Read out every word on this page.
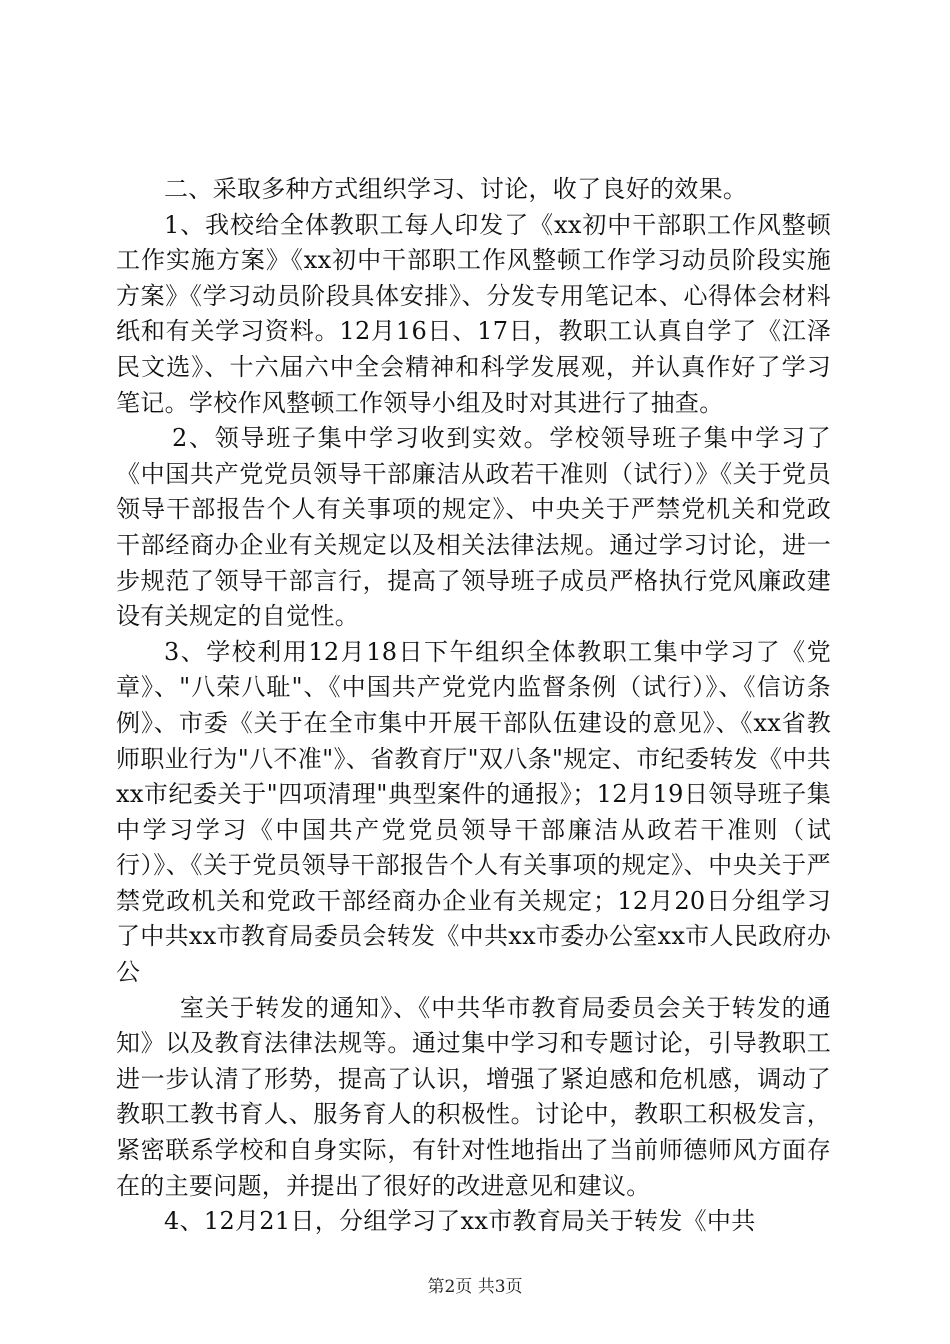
二、采取多种方式组织学习、讨论，收了良好的效果。

1、我校给全体教职工每人印发了《xx初中干部职工作风整顿工作实施方案》《xx初中干部职工作风整顿工作学习动员阶段实施方案》《学习动员阶段具体安排》、分发专用笔记本、心得体会材料纸和有关学习资料。12月16日、17日，教职工认真自学了《江泽民文选》、十六届六中全会精神和科学发展观，并认真作好了学习笔记。学校作风整顿工作领导小组及时对其进行了抽查。

2、领导班子集中学习收到实效。学校领导班子集中学习了《中国共产党党员领导干部廉洁从政若干准则（试行）》《关于党员领导干部报告个人有关事项的规定》、中央关于严禁党机关和党政干部经商办企业有关规定以及相关法律法规。通过学习讨论，进一步规范了领导干部言行，提高了领导班子成员严格执行党风廉政建设有关规定的自觉性。

3、学校利用12月18日下午组织全体教职工集中学习了《党章》、"八荣八耻"、《中国共产党党内监督条例（试行）》、《信访条例》、市委《关于在全市集中开展干部队伍建设的意见》、《xx省教师职业行为"八不准"》、省教育厅"双八条"规定、市纪委转发《中共xx市纪委关于"四项清理"典型案件的通报》；12月19日领导班子集中学习学习《中国共产党党员领导干部廉洁从政若干准则（试行）》、《关于党员领导干部报告个人有关事项的规定》、中央关于严禁党政机关和党政干部经商办企业有关规定；12月20日分组学习了中共xx市教育局委员会转发《中共xx市委办公室xx市人民政府办公

室关于转发的通知》、《中共华市教育局委员会关于转发的通知》以及教育法律法规等。通过集中学习和专题讨论，引导教职工进一步认清了形势，提高了认识，增强了紧迫感和危机感，调动了教职工教书育人、服务育人的积极性。讨论中，教职工积极发言，紧密联系学校和自身实际，有针对性地指出了当前师德师风方面存在的主要问题，并提出了很好的改进意见和建议。

4、12月21日，分组学习了xx市教育局关于转发《中共

第2页 共3页
